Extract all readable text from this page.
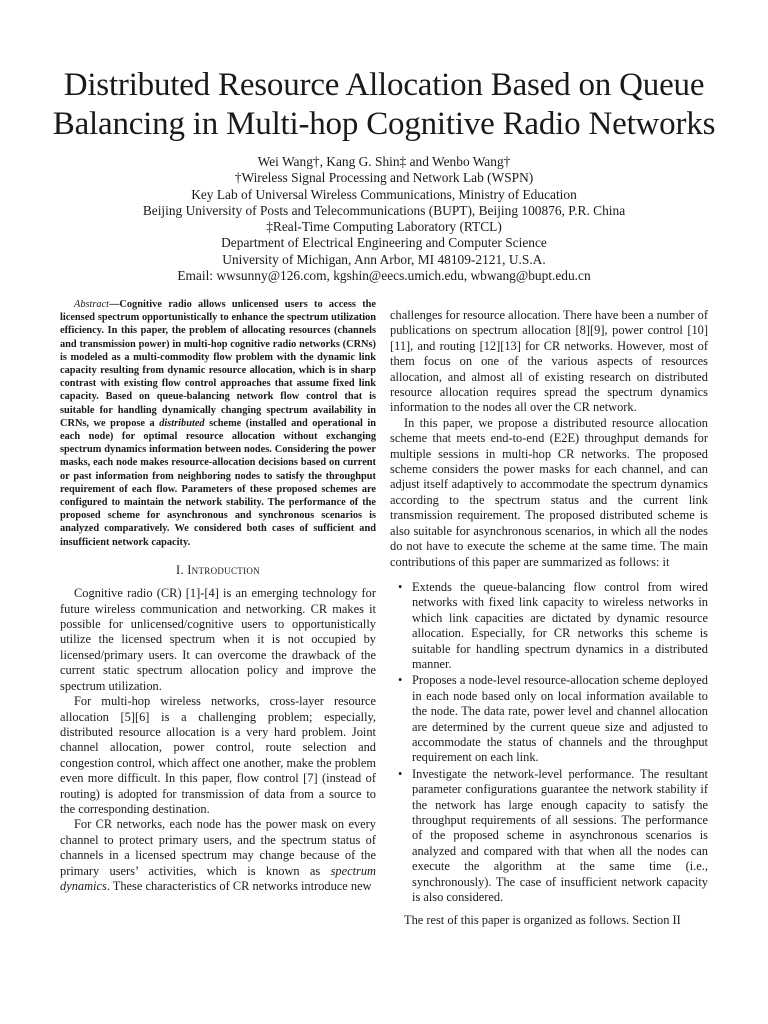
Distributed Resource Allocation Based on Queue
Balancing in Multi-hop Cognitive Radio Networks
Wei Wang†, Kang G. Shin‡ and Wenbo Wang†
†Wireless Signal Processing and Network Lab (WSPN)
Key Lab of Universal Wireless Communications, Ministry of Education
Beijing University of Posts and Telecommunications (BUPT), Beijing 100876, P.R. China
‡Real-Time Computing Laboratory (RTCL)
Department of Electrical Engineering and Computer Science
University of Michigan, Ann Arbor, MI 48109-2121, U.S.A.
Email: wwsunny@126.com, kgshin@eecs.umich.edu, wbwang@bupt.edu.cn

Abstract—Cognitive radio allows unlicensed users to access the licensed spectrum opportunistically to enhance the spectrum utilization efficiency. In this paper, the problem of allocating resources (channels and transmission power) in multi-hop cognitive radio networks (CRNs) is modeled as a multi-commodity flow problem with the dynamic link capacity resulting from dynamic resource allocation, which is in sharp contrast with existing flow control approaches that assume fixed link capacity. Based on queue-balancing network flow control that is suitable for handling dynamically changing spectrum availability in CRNs, we propose a distributed scheme (installed and operational in each node) for optimal resource allocation without exchanging spectrum dynamics information between nodes. Considering the power masks, each node makes resource-allocation decisions based on current or past information from neighboring nodes to satisfy the throughput requirement of each flow. Parameters of these proposed schemes are configured to maintain the network stability. The performance of the proposed scheme for asynchronous and synchronous scenarios is analyzed comparatively. We considered both cases of sufficient and insufficient network capacity.

I. Introduction

Cognitive radio (CR) [1]-[4] is an emerging technology for future wireless communication and networking. CR makes it possible for unlicensed/cognitive users to opportunistically utilize the licensed spectrum when it is not occupied by licensed/primary users. It can overcome the drawback of the current static spectrum allocation policy and improve the spectrum utilization.

For multi-hop wireless networks, cross-layer resource allocation [5][6] is a challenging problem; especially, distributed resource allocation is a very hard problem. Joint channel allocation, power control, route selection and congestion control, which affect one another, make the problem even more difficult. In this paper, flow control [7] (instead of routing) is adopted for transmission of data from a source to the corresponding destination.

For CR networks, each node has the power mask on every channel to protect primary users, and the spectrum status of channels in a licensed spectrum may change because of the primary users’ activities, which is known as spectrum dynamics. These characteristics of CR networks introduce new

challenges for resource allocation. There have been a number of publications on spectrum allocation [8][9], power control [10][11], and routing [12][13] for CR networks. However, most of them focus on one of the various aspects of resources allocation, and almost all of existing research on distributed resource allocation requires spread the spectrum dynamics information to the nodes all over the CR network.

In this paper, we propose a distributed resource allocation scheme that meets end-to-end (E2E) throughput demands for multiple sessions in multi-hop CR networks. The proposed scheme considers the power masks for each channel, and can adjust itself adaptively to accommodate the spectrum dynamics according to the spectrum status and the current link transmission requirement. The proposed distributed scheme is also suitable for asynchronous scenarios, in which all the nodes do not have to execute the scheme at the same time. The main contributions of this paper are summarized as follows: it

• Extends the queue-balancing flow control from wired networks with fixed link capacity to wireless networks in which link capacities are dictated by dynamic resource allocation. Especially, for CR networks this scheme is suitable for handling spectrum dynamics in a distributed manner.
• Proposes a node-level resource-allocation scheme deployed in each node based only on local information available to the node. The data rate, power level and channel allocation are determined by the current queue size and adjusted to accommodate the status of channels and the throughput requirement on each link.
• Investigate the network-level performance. The resultant parameter configurations guarantee the network stability if the network has large enough capacity to satisfy the throughput requirements of all sessions. The performance of the proposed scheme in asynchronous scenarios is analyzed and compared with that when all the nodes can execute the algorithm at the same time (i.e., synchronously). The case of insufficient network capacity is also considered.

The rest of this paper is organized as follows. Section II
